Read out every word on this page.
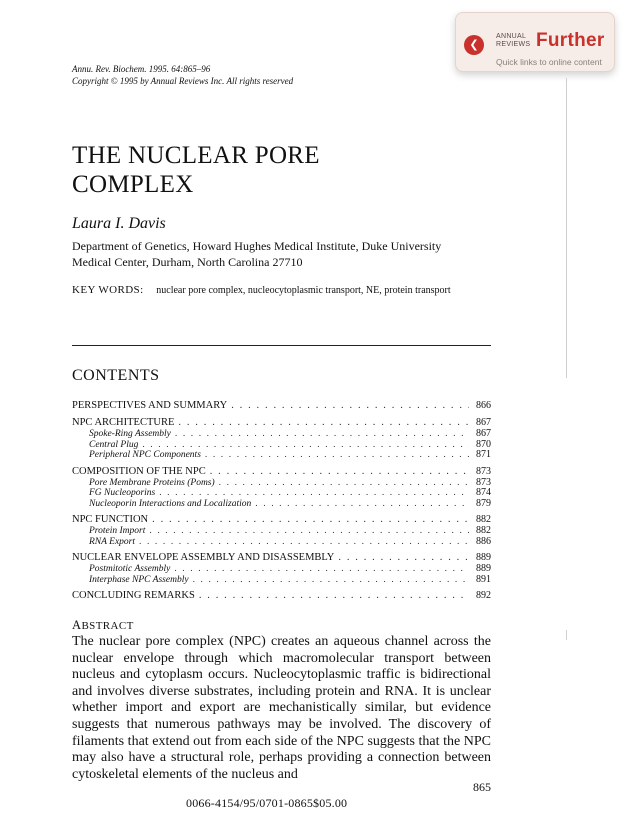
Annu. Rev. Biochem. 1995. 64:865–96
Copyright © 1995 by Annual Reviews Inc. All rights reserved
❮
ANNUAL
REVIEWS Further
Quick links to online content
THE NUCLEAR PORE
COMPLEX
Laura I. Davis
Department of Genetics, Howard Hughes Medical Institute, Duke University
Medical Center, Durham, North Carolina 27710
KEY WORDS: nuclear pore complex, nucleocytoplasmic transport, NE, protein transport
CONTENTS
PERSPECTIVES AND SUMMARY . . .	866
NPC ARCHITECTURE . . .	867
Spoke-Ring Assembly . . .	867
Central Plug . . .	870
Peripheral NPC Components . . .	871
COMPOSITION OF THE NPC . . .	873
Pore Membrane Proteins (Poms) . . .	873
FG Nucleoporins . . .	874
Nucleoporin Interactions and Localization . . .	879
NPC FUNCTION . . .	882
Protein Import . . .	882
RNA Export . . .	886
NUCLEAR ENVELOPE ASSEMBLY AND DISASSEMBLY . . .	889
Postmitotic Assembly . . .	889
Interphase NPC Assembly . . .	891
CONCLUDING REMARKS . . .	892
ABSTRACT

The nuclear pore complex (NPC) creates an aqueous channel across the nuclear envelope through which macromolecular transport between nucleus and cytoplasm occurs. Nucleocytoplasmic traffic is bidirectional and involves diverse substrates, including protein and RNA. It is unclear whether import and export are mechanistically similar, but evidence suggests that numerous pathways may be involved. The discovery of filaments that extend out from each side of the NPC suggests that the NPC may also have a structural role, perhaps providing a connection between cytoskeletal elements of the nucleus and

865
0066-4154/95/0701-0865$05.00
